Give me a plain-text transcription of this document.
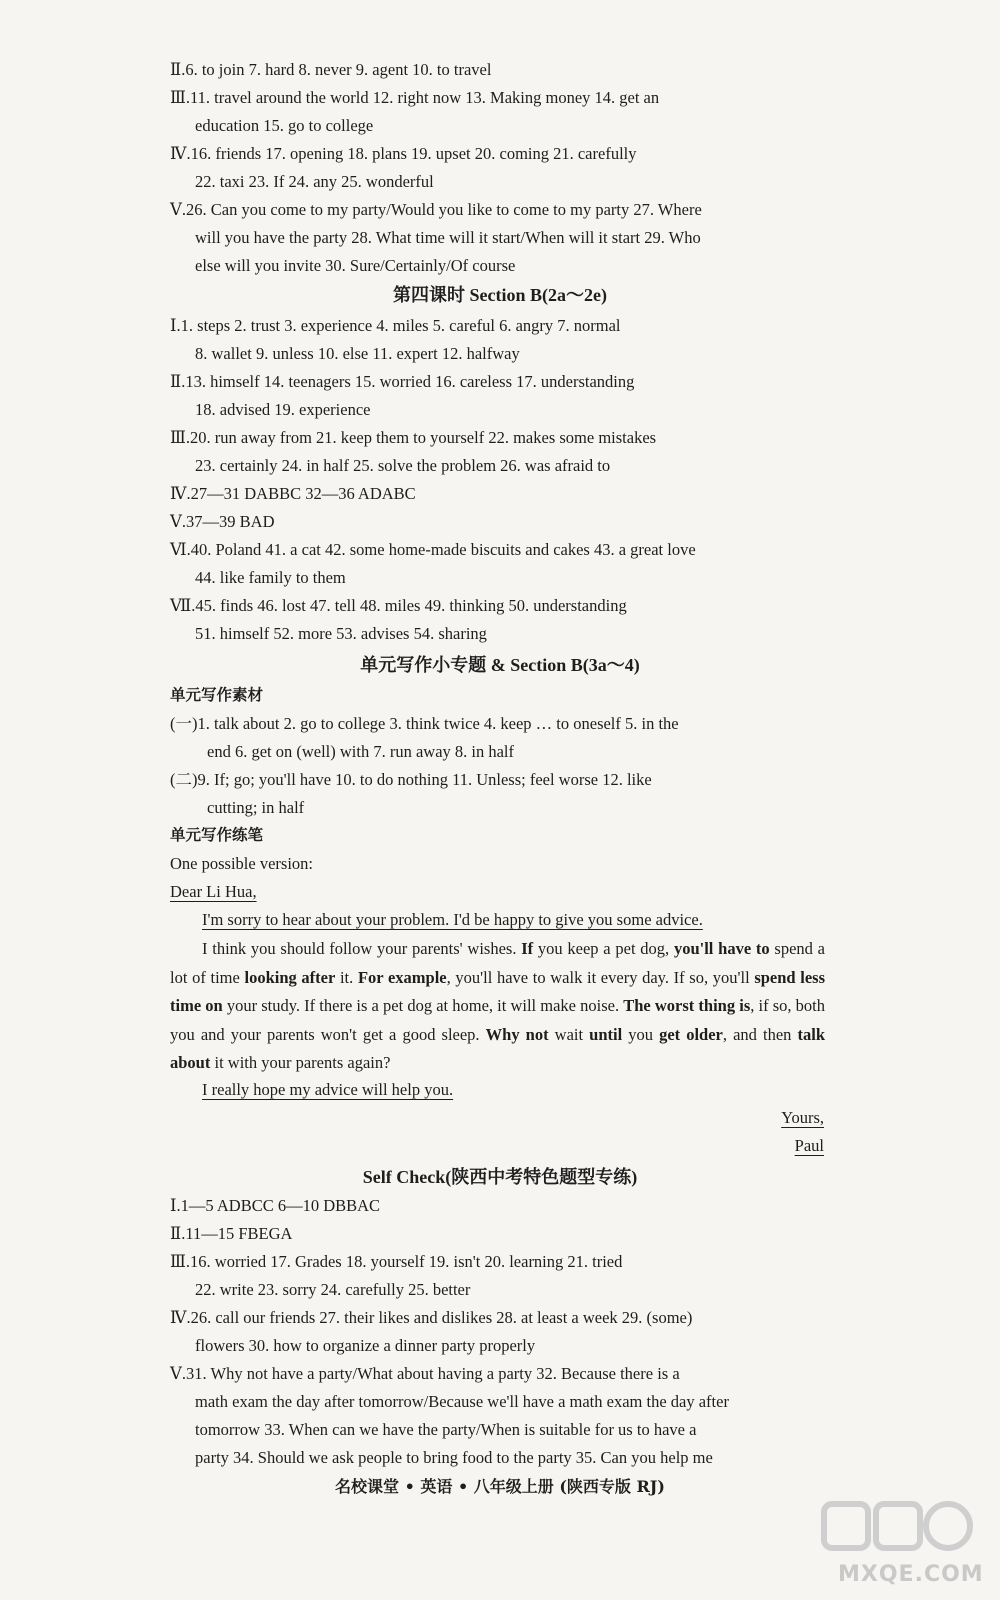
Ⅱ.6. to join 7. hard 8. never 9. agent 10. to travel
Ⅲ.11. travel around the world 12. right now 13. Making money 14. get an
education 15. go to college
Ⅳ.16. friends 17. opening 18. plans 19. upset 20. coming 21. carefully
22. taxi 23. If 24. any 25. wonderful
Ⅴ.26. Can you come to my party/Would you like to come to my party 27. Where
will you have the party 28. What time will it start/When will it start 29. Who
else will you invite 30. Sure/Certainly/Of course
第四课时 Section B(2a～2e)
Ⅰ.1. steps 2. trust 3. experience 4. miles 5. careful 6. angry 7. normal
8. wallet 9. unless 10. else 11. expert 12. halfway
Ⅱ.13. himself 14. teenagers 15. worried 16. careless 17. understanding
18. advised 19. experience
Ⅲ.20. run away from 21. keep them to yourself 22. makes some mistakes
23. certainly 24. in half 25. solve the problem 26. was afraid to
Ⅳ.27—31 DABBC 32—36 ADABC
Ⅴ.37—39 BAD
Ⅵ.40. Poland 41. a cat 42. some home-made biscuits and cakes 43. a great love
44. like family to them
Ⅶ.45. finds 46. lost 47. tell 48. miles 49. thinking 50. understanding
51. himself 52. more 53. advises 54. sharing
单元写作小专题 & Section B(3a～4)
单元写作素材
(一)1. talk about 2. go to college 3. think twice 4. keep … to oneself 5. in the
end 6. get on (well) with 7. run away 8. in half
(二)9. If; go; you'll have 10. to do nothing 11. Unless; feel worse 12. like
cutting; in half
单元写作练笔
One possible version:
Dear Li Hua,
I'm sorry to hear about your problem. I'd be happy to give you some advice.
I think you should follow your parents' wishes. If you keep a pet dog, you'll have to spend a lot of time looking after it. For example, you'll have to walk it every day. If so, you'll spend less time on your study. If there is a pet dog at home, it will make noise. The worst thing is, if so, both you and your parents won't get a good sleep. Why not wait until you get older, and then talk about it with your parents again?
I really hope my advice will help you.
Yours,
Paul
Self Check(陕西中考特色题型专练)
Ⅰ.1—5 ADBCC 6—10 DBBAC
Ⅱ.11—15 FBEGA
Ⅲ.16. worried 17. Grades 18. yourself 19. isn't 20. learning 21. tried
22. write 23. sorry 24. carefully 25. better
Ⅳ.26. call our friends 27. their likes and dislikes 28. at least a week 29. (some)
flowers 30. how to organize a dinner party properly
Ⅴ.31. Why not have a party/What about having a party 32. Because there is a
math exam the day after tomorrow/Because we'll have a math exam the day after
tomorrow 33. When can we have the party/When is suitable for us to have a
party 34. Should we ask people to bring food to the party 35. Can you help me
名校课堂 • 英语 • 八年级上册 (陕西专版 RJ)
MXQE.COM
